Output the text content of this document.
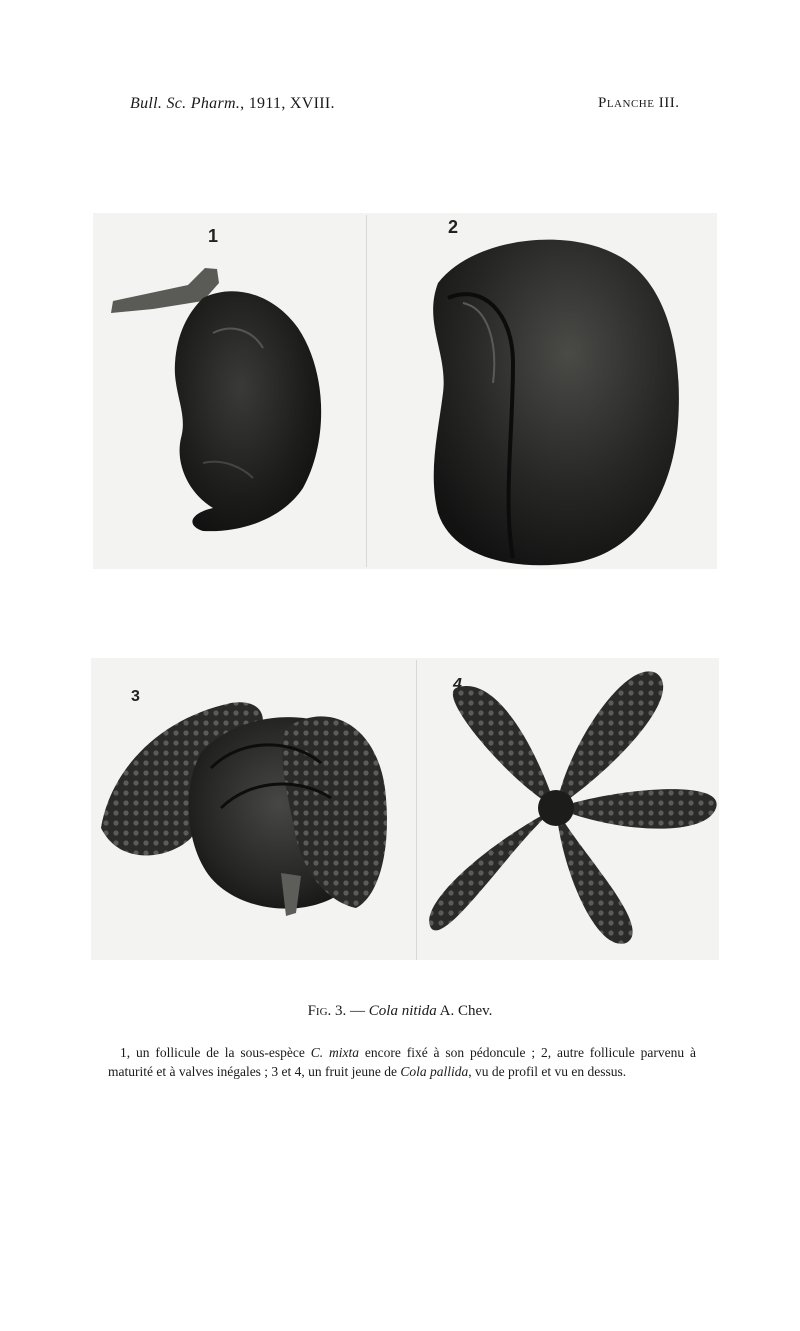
Bull. Sc. Pharm., 1911, XVIII.	Planche III.
1	2
3
4
Fig. 3. — Cola nitida A. Chev.
1, un follicule de la sous-espèce C. mixta encore fixé à son pédoncule ; 2, autre follicule parvenu à maturité et à valves inégales ; 3 et 4, un fruit jeune de Cola pallida, vu de profil et vu en dessus.
